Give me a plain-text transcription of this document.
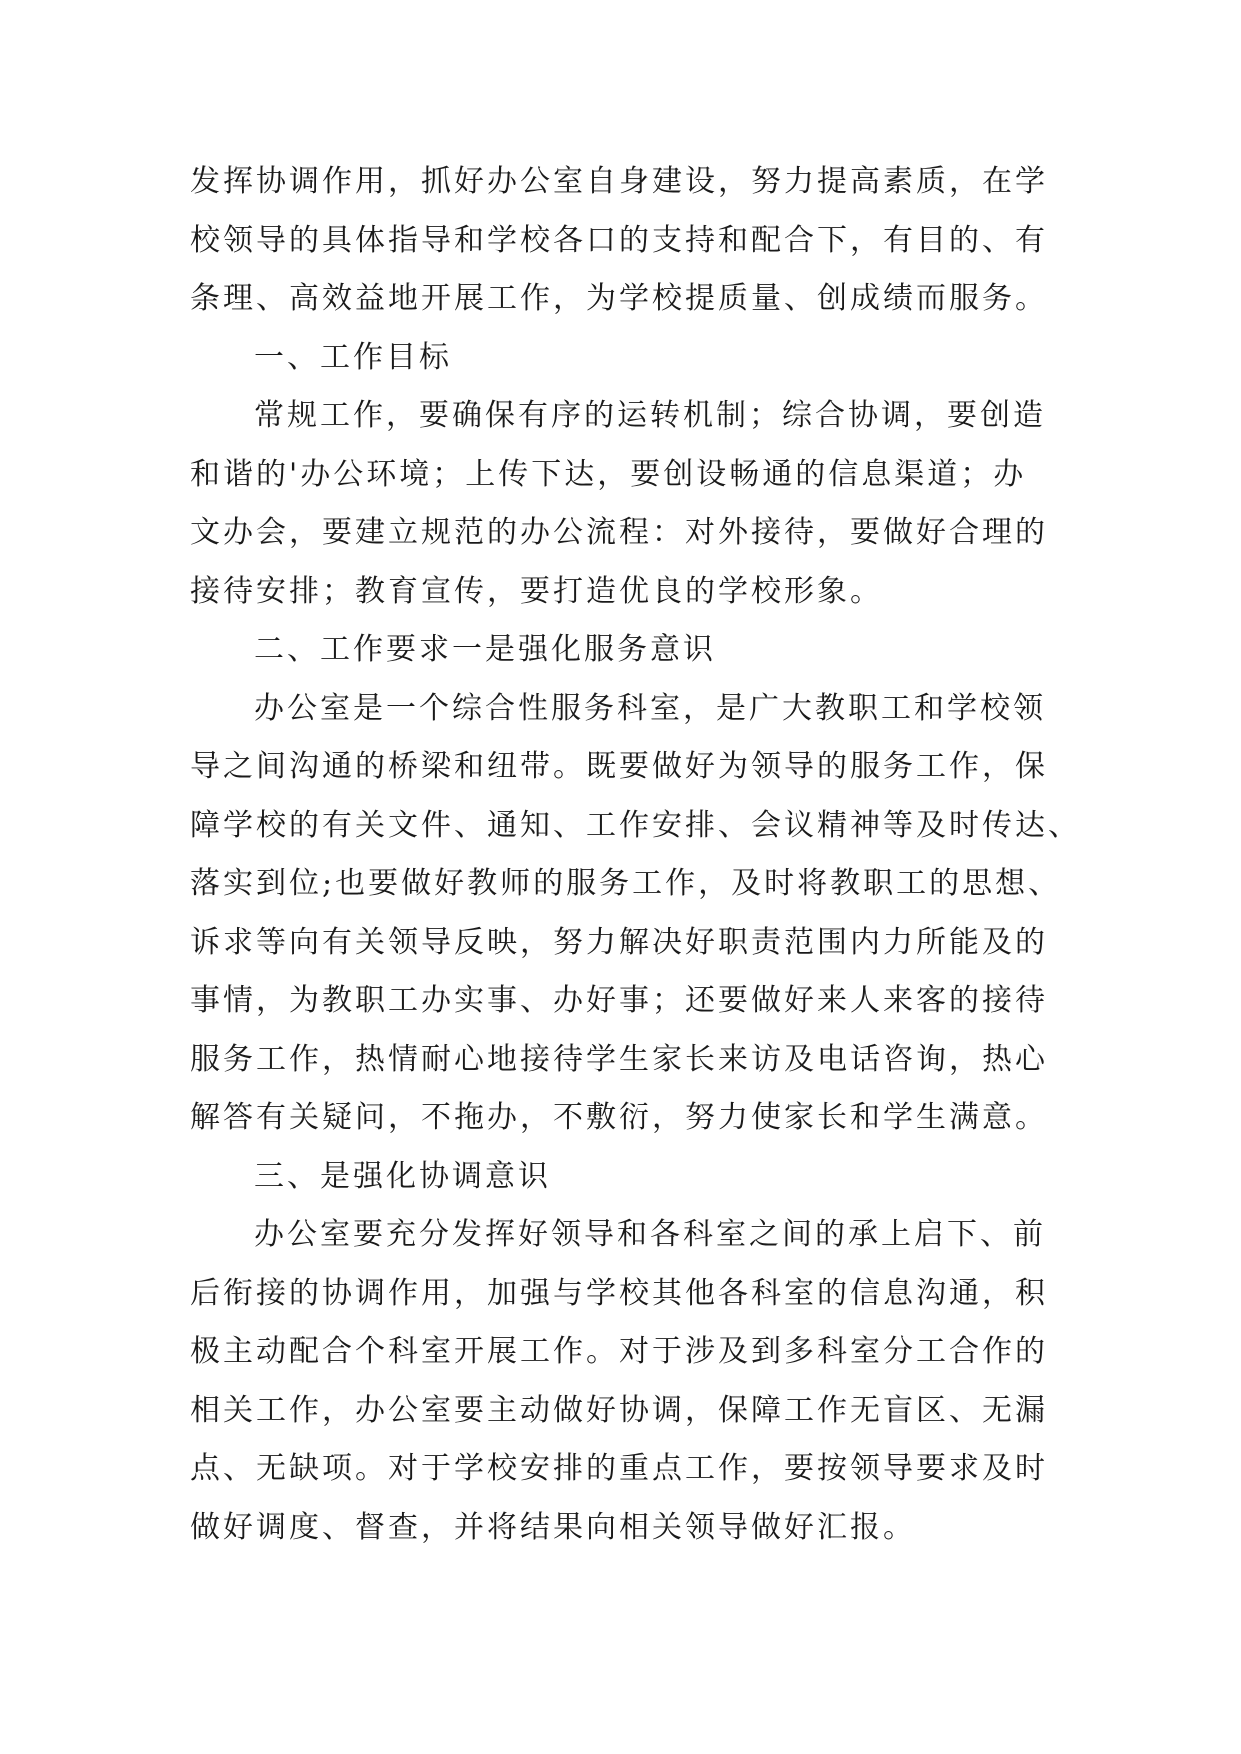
发挥协调作用，抓好办公室自身建设，努力提高素质，在学
校领导的具体指导和学校各口的支持和配合下，有目的、有
条理、高效益地开展工作，为学校提质量、创成绩而服务。
一、工作目标
常规工作，要确保有序的运转机制；综合协调，要创造
和谐的'办公环境；上传下达，要创设畅通的信息渠道；办
文办会，要建立规范的办公流程：对外接待，要做好合理的
接待安排；教育宣传，要打造优良的学校形象。
二、工作要求一是强化服务意识
办公室是一个综合性服务科室，是广大教职工和学校领
导之间沟通的桥梁和纽带。既要做好为领导的服务工作，保
障学校的有关文件、通知、工作安排、会议精神等及时传达、
落实到位;也要做好教师的服务工作，及时将教职工的思想、
诉求等向有关领导反映，努力解决好职责范围内力所能及的
事情，为教职工办实事、办好事；还要做好来人来客的接待
服务工作，热情耐心地接待学生家长来访及电话咨询，热心
解答有关疑问，不拖办，不敷衍，努力使家长和学生满意。
三、是强化协调意识
办公室要充分发挥好领导和各科室之间的承上启下、前
后衔接的协调作用，加强与学校其他各科室的信息沟通，积
极主动配合个科室开展工作。对于涉及到多科室分工合作的
相关工作，办公室要主动做好协调，保障工作无盲区、无漏
点、无缺项。对于学校安排的重点工作，要按领导要求及时
做好调度、督查，并将结果向相关领导做好汇报。
